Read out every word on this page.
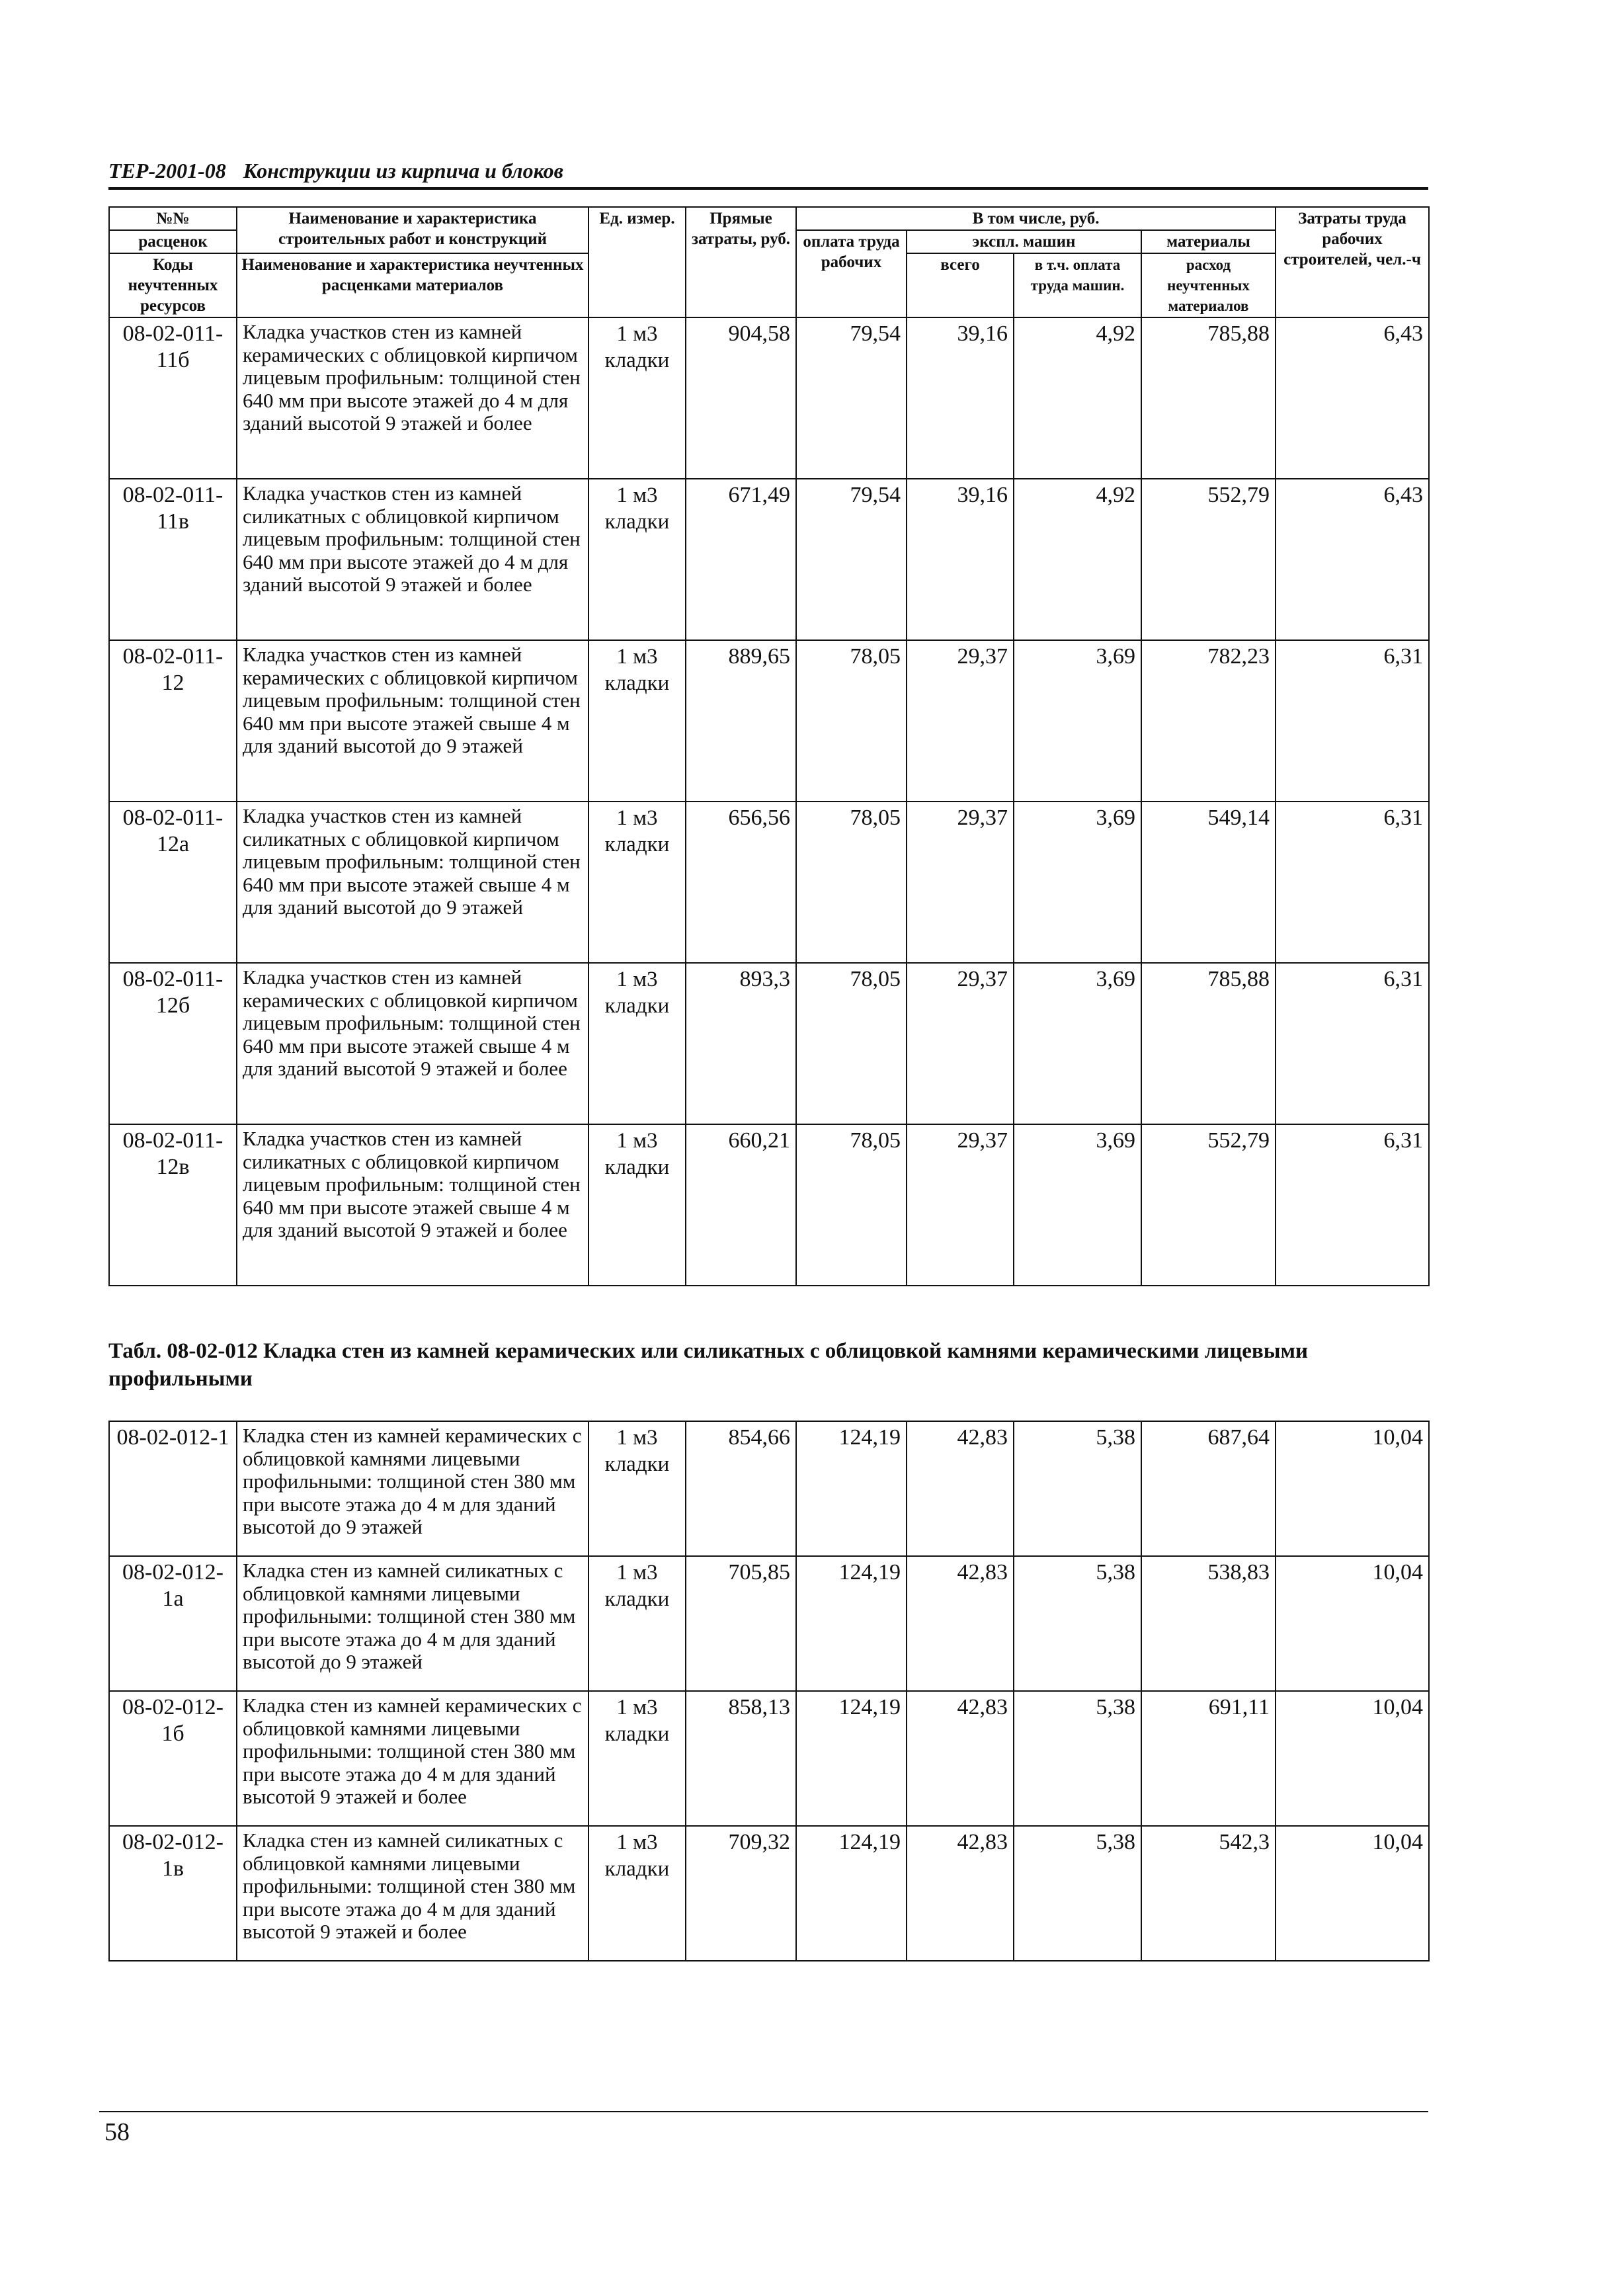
ТЕР-2001-08 Конструкции из кирпича и блоков
№№	Наименование и характеристика строительных работ и конструкций	Ед. измер.	Прямые затраты, руб.	В том числе, руб.				Затраты труда рабочих строителей, чел.-ч
расценок				оплата труда рабочих	экспл. машин		материалы	
Коды неучтенных ресурсов	Наименование и характеристика неучтенных расценками материалов				всего	в т.ч. оплата труда машин.	расход неучтенных материалов	

08-02-011-11б	Кладка участков стен из камней керамических с облицовкой кирпичом лицевым профильным: толщиной стен 640 мм при высоте этажей до 4 м для зданий высотой 9 этажей и более	1 м3 кладки	904,58	79,54	39,16	4,92	785,88	6,43
08-02-011-11в	Кладка участков стен из камней силикатных с облицовкой кирпичом лицевым профильным: толщиной стен 640 мм при высоте этажей до 4 м для зданий высотой 9 этажей и более	1 м3 кладки	671,49	79,54	39,16	4,92	552,79	6,43
08-02-011-12	Кладка участков стен из камней керамических с облицовкой кирпичом лицевым профильным: толщиной стен 640 мм при высоте этажей свыше 4 м для зданий высотой до 9 этажей	1 м3 кладки	889,65	78,05	29,37	3,69	782,23	6,31
08-02-011-12а	Кладка участков стен из камней силикатных с облицовкой кирпичом лицевым профильным: толщиной стен 640 мм при высоте этажей свыше 4 м для зданий высотой до 9 этажей	1 м3 кладки	656,56	78,05	29,37	3,69	549,14	6,31
08-02-011-12б	Кладка участков стен из камней керамических с облицовкой кирпичом лицевым профильным: толщиной стен 640 мм при высоте этажей свыше 4 м для зданий высотой 9 этажей и более	1 м3 кладки	893,3	78,05	29,37	3,69	785,88	6,31
08-02-011-12в	Кладка участков стен из камней силикатных с облицовкой кирпичом лицевым профильным: толщиной стен 640 мм при высоте этажей свыше 4 м для зданий высотой 9 этажей и более	1 м3 кладки	660,21	78,05	29,37	3,69	552,79	6,31
Табл. 08-02-012 Кладка стен из камней керамических или силикатных с облицовкой камнями керамическими лицевыми профильными
08-02-012-1	Кладка стен из камней керамических с облицовкой камнями лицевыми профильными: толщиной стен 380 мм при высоте этажа до 4 м для зданий высотой до 9 этажей	1 м3 кладки	854,66	124,19	42,83	5,38	687,64	10,04
08-02-012-1а	Кладка стен из камней силикатных с облицовкой камнями лицевыми профильными: толщиной стен 380 мм при высоте этажа до 4 м для зданий высотой до 9 этажей	1 м3 кладки	705,85	124,19	42,83	5,38	538,83	10,04
08-02-012-1б	Кладка стен из камней керамических с облицовкой камнями лицевыми профильными: толщиной стен 380 мм при высоте этажа до 4 м для зданий высотой 9 этажей и более	1 м3 кладки	858,13	124,19	42,83	5,38	691,11	10,04
08-02-012-1в	Кладка стен из камней силикатных с облицовкой камнями лицевыми профильными: толщиной стен 380 мм при высоте этажа до 4 м для зданий высотой 9 этажей и более	1 м3 кладки	709,32	124,19	42,83	5,38	542,3	10,04
58
